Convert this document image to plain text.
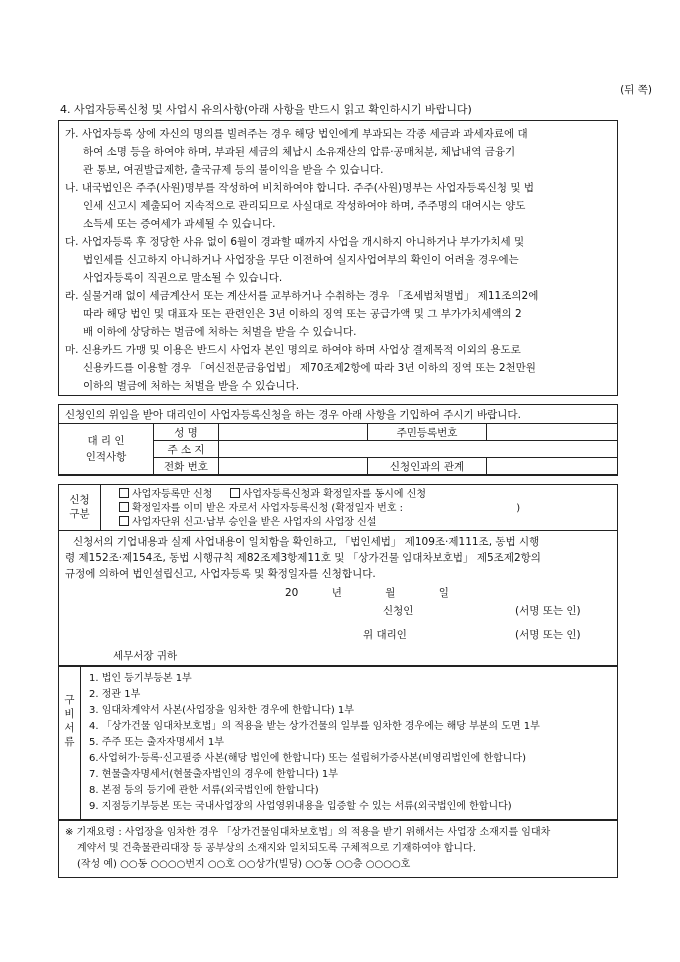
(뒤 쪽)
4. 사업자등록신청 및 사업시 유의사항(아래 사항을 반드시 읽고 확인하시기 바랍니다)
가. 사업자등록 상에 자신의 명의를 빌려주는 경우 해당 법인에게 부과되는 각종 세금과 과세자료에 대
하여 소명 등을 하여야 하며, 부과된 세금의 체납시 소유재산의 압류·공매처분, 체납내역 금융기
관 통보, 여권발급제한, 출국규제 등의 불이익을 받을 수 있습니다.
나. 내국법인은 주주(사원)명부를 작성하여 비치하여야 합니다. 주주(사원)명부는 사업자등록신청 및 법
인세 신고시 제출되어 지속적으로 관리되므로 사실대로 작성하여야 하며, 주주명의 대여시는 양도
소득세 또는 증여세가 과세될 수 있습니다.
다. 사업자등록 후 정당한 사유 없이 6월이 경과할 때까지 사업을 개시하지 아니하거나 부가가치세 및
법인세를 신고하지 아니하거나 사업장을 무단 이전하여 실지사업여부의 확인이 어려울 경우에는
사업자등록이 직권으로 말소될 수 있습니다.
라. 실물거래 없이 세금계산서 또는 계산서를 교부하거나 수취하는 경우 「조세범처벌법」 제11조의2에
따라 해당 법인 및 대표자 또는 관련인은 3년 이하의 징역 또는 공급가액 및 그 부가가치세액의 2
배 이하에 상당하는 벌금에 처하는 처벌을 받을 수 있습니다.
마. 신용카드 가맹 및 이용은 반드시 사업자 본인 명의로 하여야 하며 사업상 결제목적 이외의 용도로
신용카드를 이용할 경우 「여신전문금융업법」 제70조제2항에 따라 3년 이하의 징역 또는 2천만원
이하의 벌금에 처하는 처벌을 받을 수 있습니다.
신청인의 위임을 받아 대리인이 사업자등록신청을 하는 경우 아래 사항을 기입하여 주시기 바랍니다.
대 리 인
인적사항	성 명		주민등록번호	
	주 소 지			
	전화 번호		신청인과의 관계	
신청
구분
사업자등록만 신청	사업자등록신청과 확정일자를 동시에 신청
확정일자를 이미 받은 자로서 사업자등록신청 (확정일자 번호 :	)
사업자단위 신고·납부 승인을 받은 사업자의 사업장 신설
신청서의 기업내용과 실제 사업내용이 일치함을 확인하고, 「법인세법」 제109조·제111조, 동법 시행
령 제152조·제154조, 동법 시행규칙 제82조제3항제11호 및 「상가건물 임대차보호법」 제5조제2항의
규정에 의하여 법인설립신고, 사업자등록 및 확정일자를 신청합니다.
20	년	월	일
신청인	(서명 또는 인)
위 대리인	(서명 또는 인)
세무서장 귀하
구
비
서
류
1. 법인 등기부등본 1부
2. 정관 1부
3. 임대차계약서 사본(사업장을 임차한 경우에 한합니다) 1부
4. 「상가건물 임대차보호법」의 적용을 받는 상가건물의 일부를 임차한 경우에는 해당 부분의 도면 1부
5. 주주 또는 출자자명세서 1부
6.사업허가·등록·신고필증 사본(해당 법인에 한합니다) 또는 설립허가증사본(비영리법인에 한합니다)
7. 현물출자명세서(현물출자법인의 경우에 한합니다) 1부
8. 본점 등의 등기에 관한 서류(외국법인에 한합니다)
9. 지점등기부등본 또는 국내사업장의 사업영위내용을 입증할 수 있는 서류(외국법인에 한합니다)
※ 기재요령 : 사업장을 임차한 경우 「상가건물임대차보호법」의 적용을 받기 위해서는 사업장 소재지를 임대차
계약서 및 건축물관리대장 등 공부상의 소재지와 일치되도록 구체적으로 기재하여야 합니다.
(작성 예) ○○동 ○○○○번지 ○○호 ○○상가(빌딩) ○○동 ○○층 ○○○○호
